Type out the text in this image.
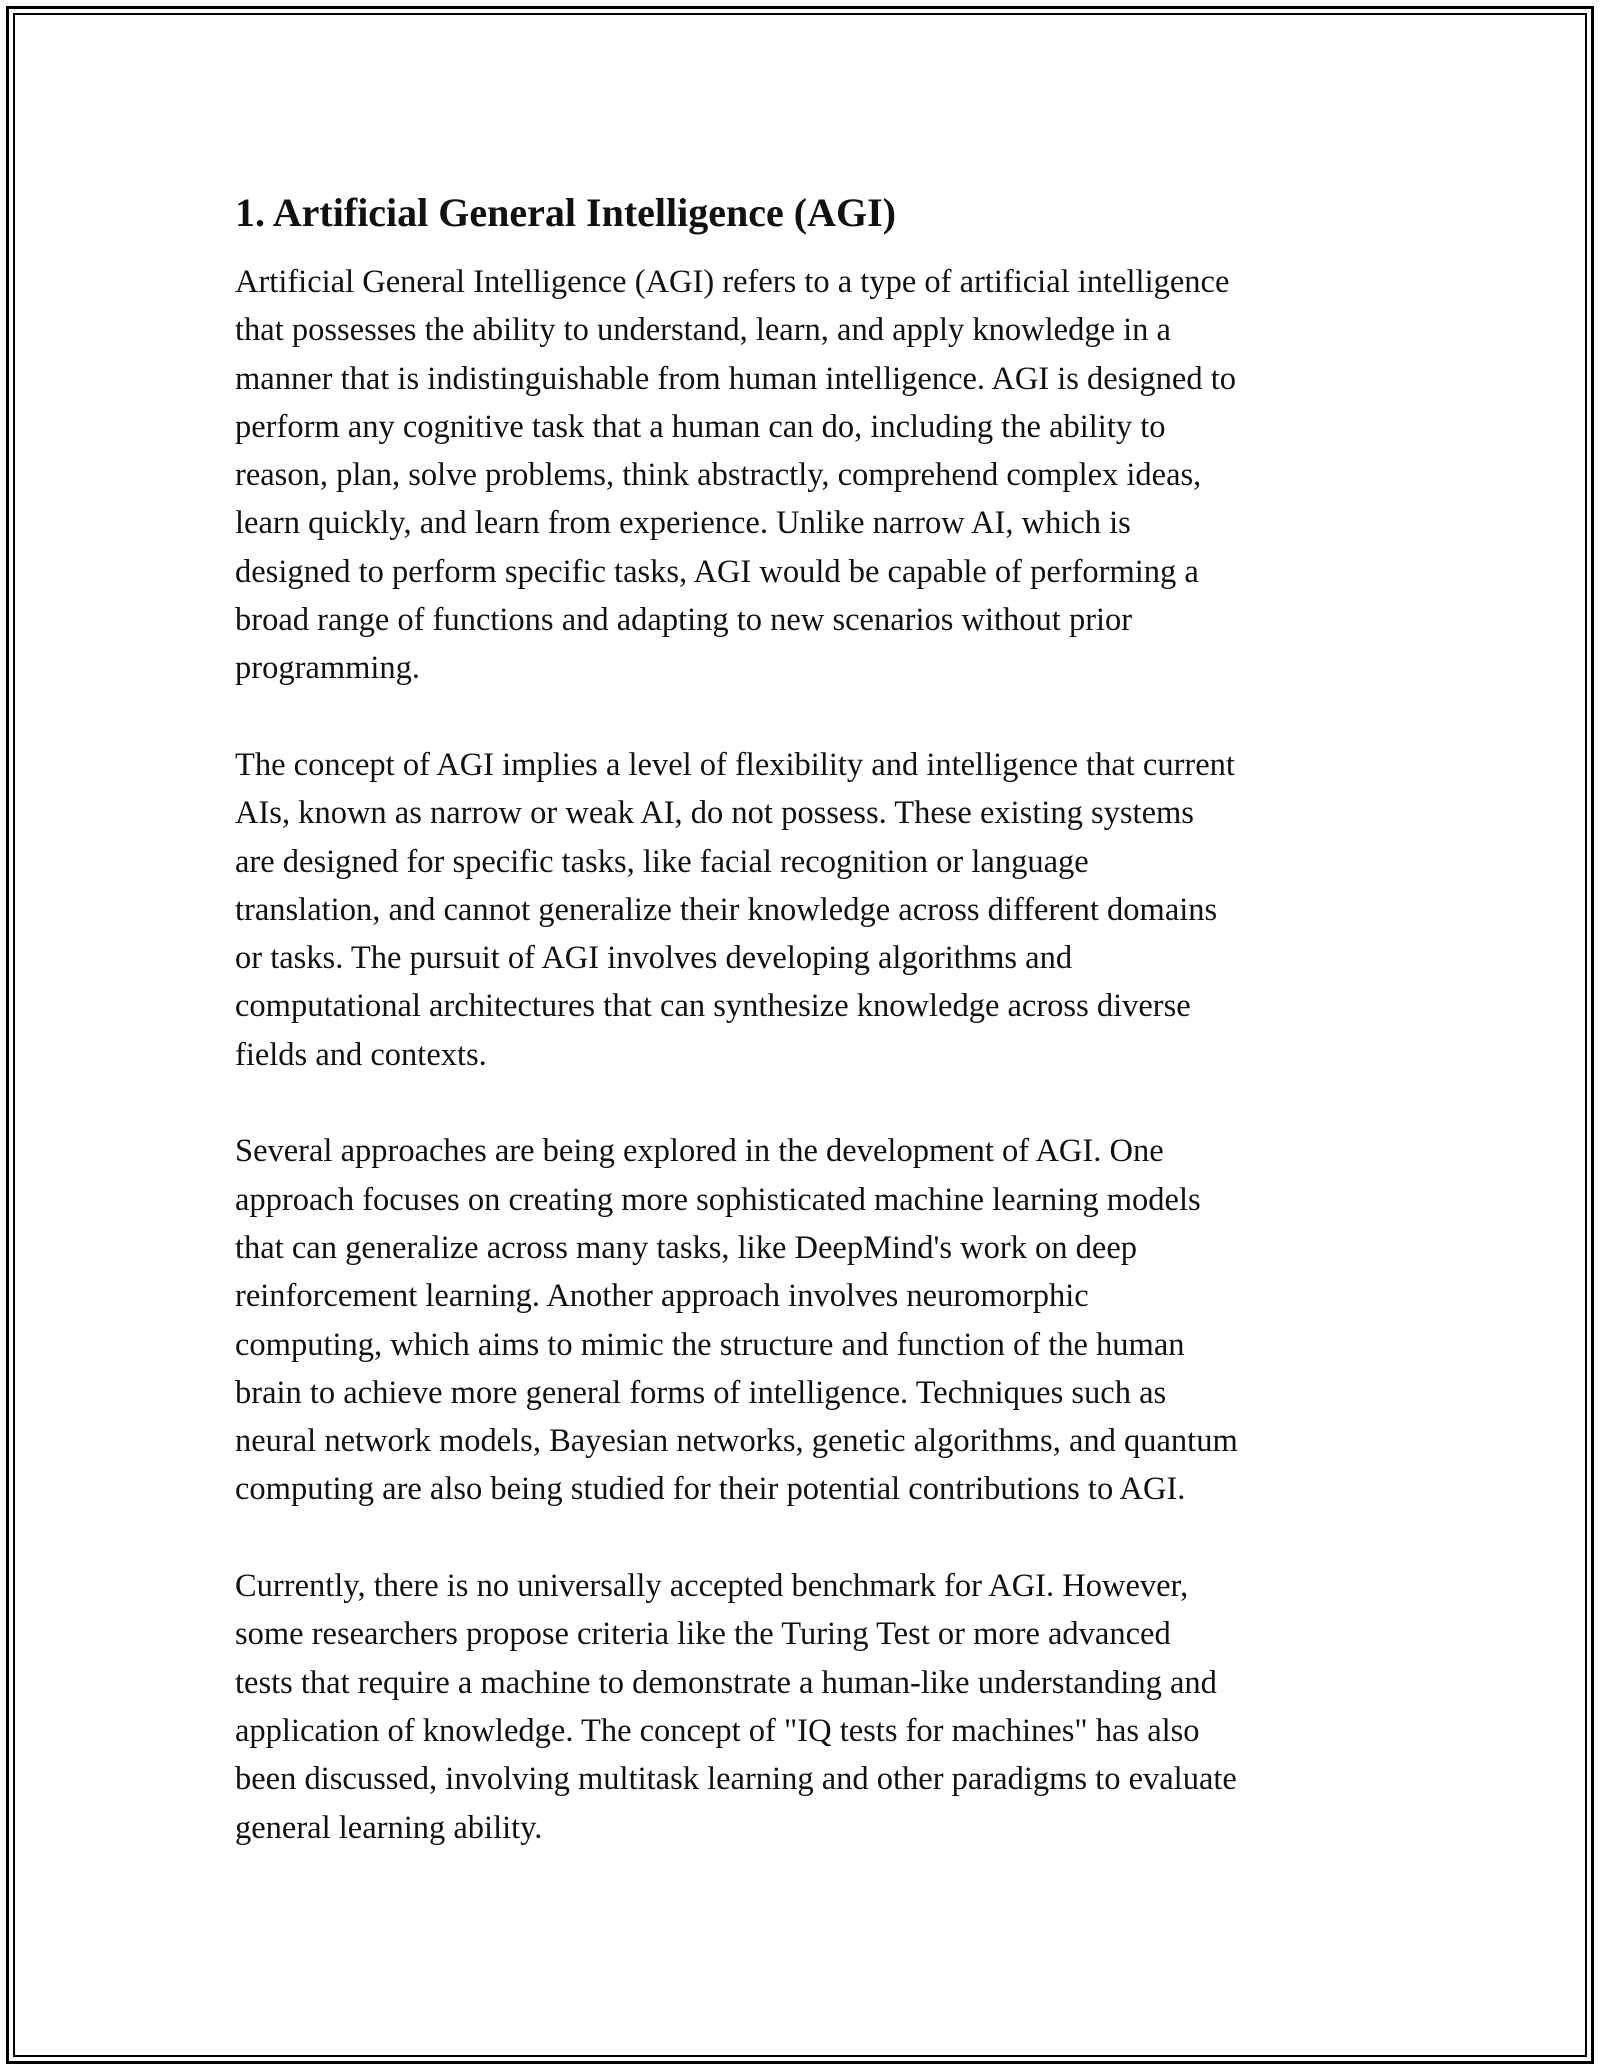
1. Artificial General Intelligence (AGI)

Artificial General Intelligence (AGI) refers to a type of artificial intelligence
that possesses the ability to understand, learn, and apply knowledge in a
manner that is indistinguishable from human intelligence. AGI is designed to
perform any cognitive task that a human can do, including the ability to
reason, plan, solve problems, think abstractly, comprehend complex ideas,
learn quickly, and learn from experience. Unlike narrow AI, which is
designed to perform specific tasks, AGI would be capable of performing a
broad range of functions and adapting to new scenarios without prior
programming.

The concept of AGI implies a level of flexibility and intelligence that current
AIs, known as narrow or weak AI, do not possess. These existing systems
are designed for specific tasks, like facial recognition or language
translation, and cannot generalize their knowledge across different domains
or tasks. The pursuit of AGI involves developing algorithms and
computational architectures that can synthesize knowledge across diverse
fields and contexts.

Several approaches are being explored in the development of AGI. One
approach focuses on creating more sophisticated machine learning models
that can generalize across many tasks, like DeepMind's work on deep
reinforcement learning. Another approach involves neuromorphic
computing, which aims to mimic the structure and function of the human
brain to achieve more general forms of intelligence. Techniques such as
neural network models, Bayesian networks, genetic algorithms, and quantum
computing are also being studied for their potential contributions to AGI.

Currently, there is no universally accepted benchmark for AGI. However,
some researchers propose criteria like the Turing Test or more advanced
tests that require a machine to demonstrate a human-like understanding and
application of knowledge. The concept of "IQ tests for machines" has also
been discussed, involving multitask learning and other paradigms to evaluate
general learning ability.
